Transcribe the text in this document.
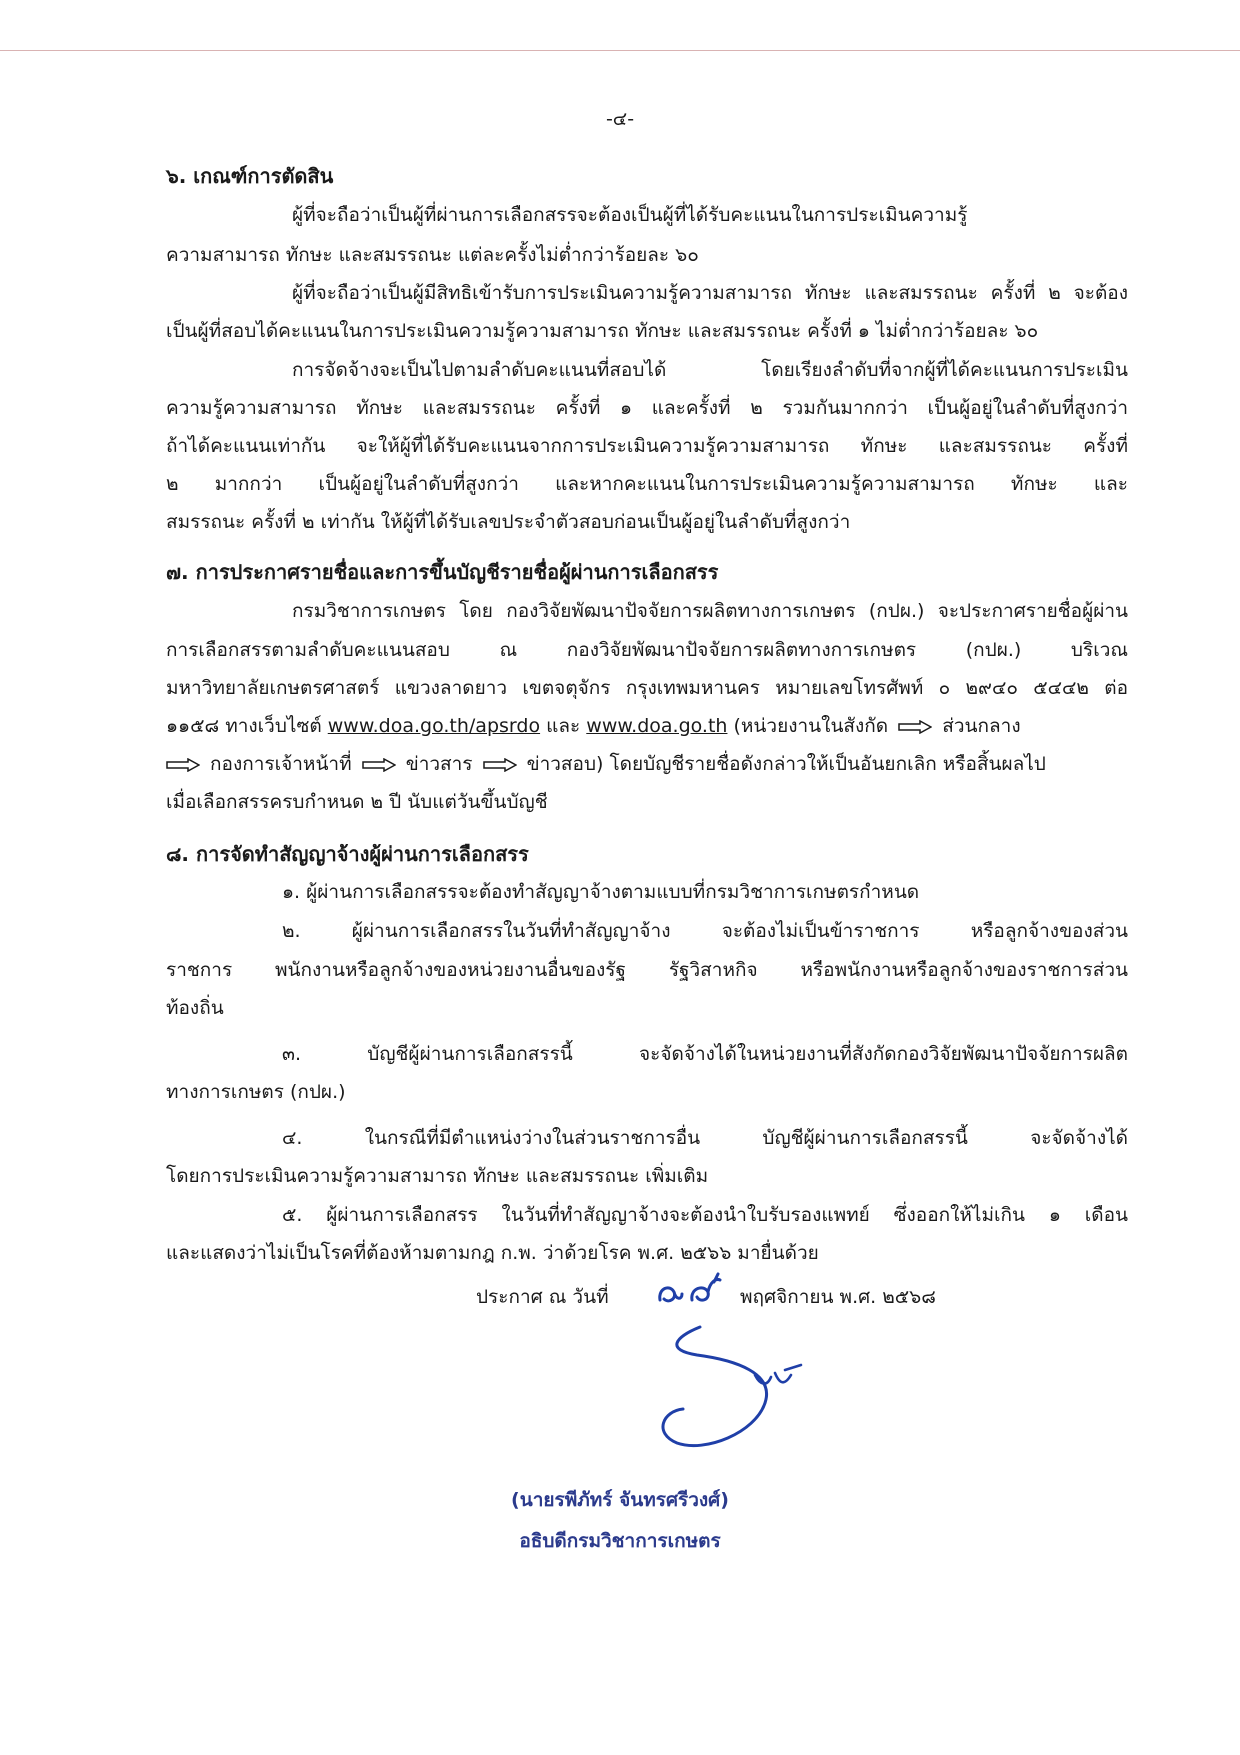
-๔-
๖. เกณฑ์การตัดสิน
ผู้ที่จะถือว่าเป็นผู้ที่ผ่านการเลือกสรรจะต้องเป็นผู้ที่ได้รับคะแนนในการประเมินความรู้
ความสามารถ ทักษะ และสมรรถนะ แต่ละครั้งไม่ต่ำกว่าร้อยละ ๖๐
ผู้ที่จะถือว่าเป็นผู้มีสิทธิเข้ารับการประเมินความรู้ความสามารถ ทักษะ และสมรรถนะ ครั้งที่ ๒ จะต้อง
เป็นผู้ที่สอบได้คะแนนในการประเมินความรู้ความสามารถ ทักษะ และสมรรถนะ ครั้งที่ ๑ ไม่ต่ำกว่าร้อยละ ๖๐
การจัดจ้างจะเป็นไปตามลำดับคะแนนที่สอบได้ โดยเรียงลำดับที่จากผู้ที่ได้คะแนนการประเมิน
ความรู้ความสามารถ ทักษะ และสมรรถนะ ครั้งที่ ๑ และครั้งที่ ๒ รวมกันมากกว่า เป็นผู้อยู่ในลำดับที่สูงกว่า
ถ้าได้คะแนนเท่ากัน จะให้ผู้ที่ได้รับคะแนนจากการประเมินความรู้ความสามารถ ทักษะ และสมรรถนะ ครั้งที่
๒ มากกว่า เป็นผู้อยู่ในลำดับที่สูงกว่า และหากคะแนนในการประเมินความรู้ความสามารถ ทักษะ และ
สมรรถนะ ครั้งที่ ๒ เท่ากัน ให้ผู้ที่ได้รับเลขประจำตัวสอบก่อนเป็นผู้อยู่ในลำดับที่สูงกว่า
๗. การประกาศรายชื่อและการขึ้นบัญชีรายชื่อผู้ผ่านการเลือกสรร
กรมวิชาการเกษตร โดย กองวิจัยพัฒนาปัจจัยการผลิตทางการเกษตร (กปผ.) จะประกาศรายชื่อผู้ผ่าน
การเลือกสรรตามลำดับคะแนนสอบ ณ กองวิจัยพัฒนาปัจจัยการผลิตทางการเกษตร (กปผ.) บริเวณ
มหาวิทยาลัยเกษตรศาสตร์ แขวงลาดยาว เขตจตุจักร กรุงเทพมหานคร หมายเลขโทรศัพท์ ๐ ๒๙๔๐ ๕๔๔๒ ต่อ
๑๑๕๘ ทางเว็บไซต์ www.doa.go.th/apsrdo และ www.doa.go.th (หน่วยงานในสังกัด	ส่วนกลาง
กองการเจ้าหน้าที่	ข่าวสาร	ข่าวสอบ) โดยบัญชีรายชื่อดังกล่าวให้เป็นอันยกเลิก หรือสิ้นผลไป
เมื่อเลือกสรรครบกำหนด ๒ ปี นับแต่วันขึ้นบัญชี
๘. การจัดทำสัญญาจ้างผู้ผ่านการเลือกสรร
๑. ผู้ผ่านการเลือกสรรจะต้องทำสัญญาจ้างตามแบบที่กรมวิชาการเกษตรกำหนด
๒. ผู้ผ่านการเลือกสรรในวันที่ทำสัญญาจ้าง จะต้องไม่เป็นข้าราชการ หรือลูกจ้างของส่วน
ราชการ พนักงานหรือลูกจ้างของหน่วยงานอื่นของรัฐ รัฐวิสาหกิจ หรือพนักงานหรือลูกจ้างของราชการส่วน
ท้องถิ่น
๓. บัญชีผู้ผ่านการเลือกสรรนี้ จะจัดจ้างได้ในหน่วยงานที่สังกัดกองวิจัยพัฒนาปัจจัยการผลิต
ทางการเกษตร (กปผ.)
๔. ในกรณีที่มีตำแหน่งว่างในส่วนราชการอื่น บัญชีผู้ผ่านการเลือกสรรนี้ จะจัดจ้างได้
โดยการประเมินความรู้ความสามารถ ทักษะ และสมรรถนะ เพิ่มเติม
๕. ผู้ผ่านการเลือกสรร ในวันที่ทำสัญญาจ้างจะต้องนำใบรับรองแพทย์ ซึ่งออกให้ไม่เกิน ๑ เดือน
และแสดงว่าไม่เป็นโรคที่ต้องห้ามตามกฎ ก.พ. ว่าด้วยโรค พ.ศ. ๒๕๖๖ มายื่นด้วย
ประกาศ ณ วันที่	พฤศจิกายน พ.ศ. ๒๕๖๘
(นายรพีภัทร์ จันทรศรีวงศ์)
อธิบดีกรมวิชาการเกษตร
